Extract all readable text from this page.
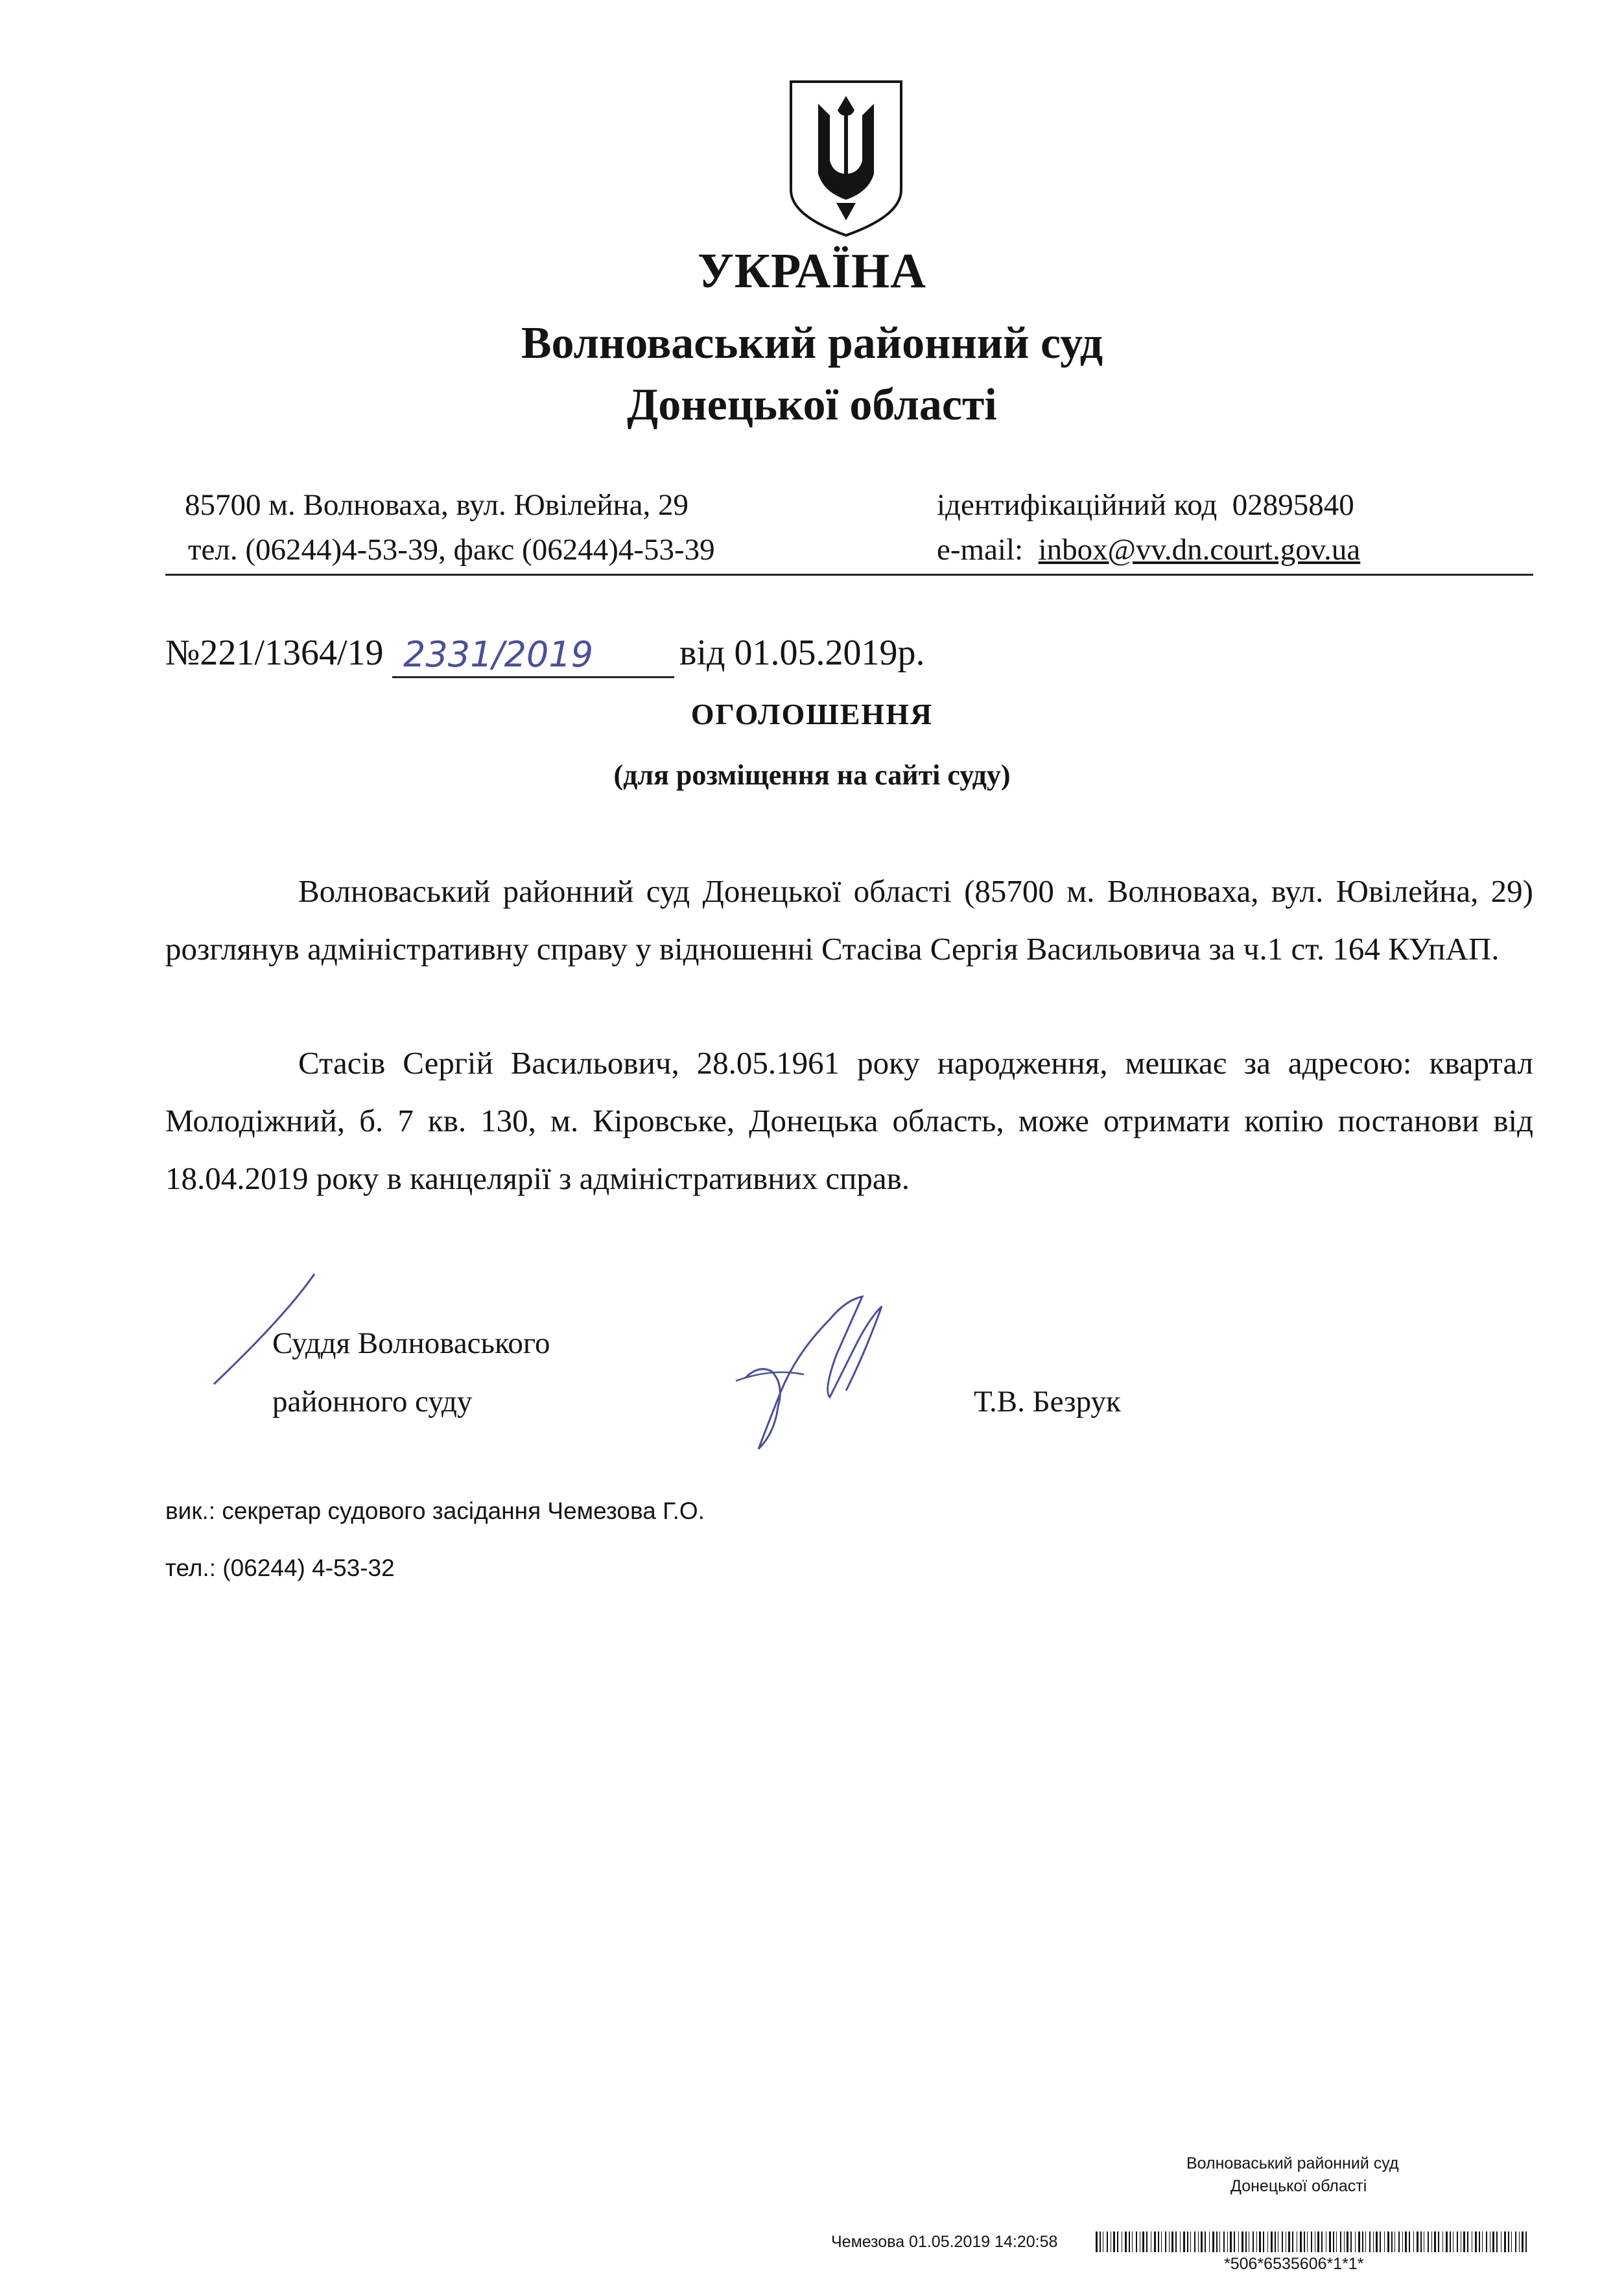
УКРАЇНА
Волноваський районний суд
Донецької області
85700 м. Волноваха, вул. Ювілейна, 29
тел. (06244)4-53-39, факс (06244)4-53-39
ідентифікаційний код 02895840
e-mail: inbox@vv.dn.court.gov.ua
№221/1364/19 2331/2019 від 01.05.2019р.
ОГОЛОШЕННЯ
(для розміщення на сайті суду)
Волноваський районний суд Донецької області (85700 м. Волноваха, вул. Ювілейна, 29) розглянув адміністративну справу у відношенні Стасіва Сергія Васильовича за ч.1 ст. 164 КУпАП.
Стасів Сергій Васильович, 28.05.1961 року народження, мешкає за адресою: квартал Молодіжний, б. 7 кв. 130, м. Кіровське, Донецька область, може отримати копію постанови від 18.04.2019 року в канцелярії з адміністративних справ.
Суддя Волноваського
районного суду	Т.В. Безрук
вик.: секретар судового засідання Чемезова Г.О.
тел.: (06244) 4-53-32
Волноваський районний суд
Донецької області
Чемезова 01.05.2019 14:20:58
*506*6535606*1*1*
